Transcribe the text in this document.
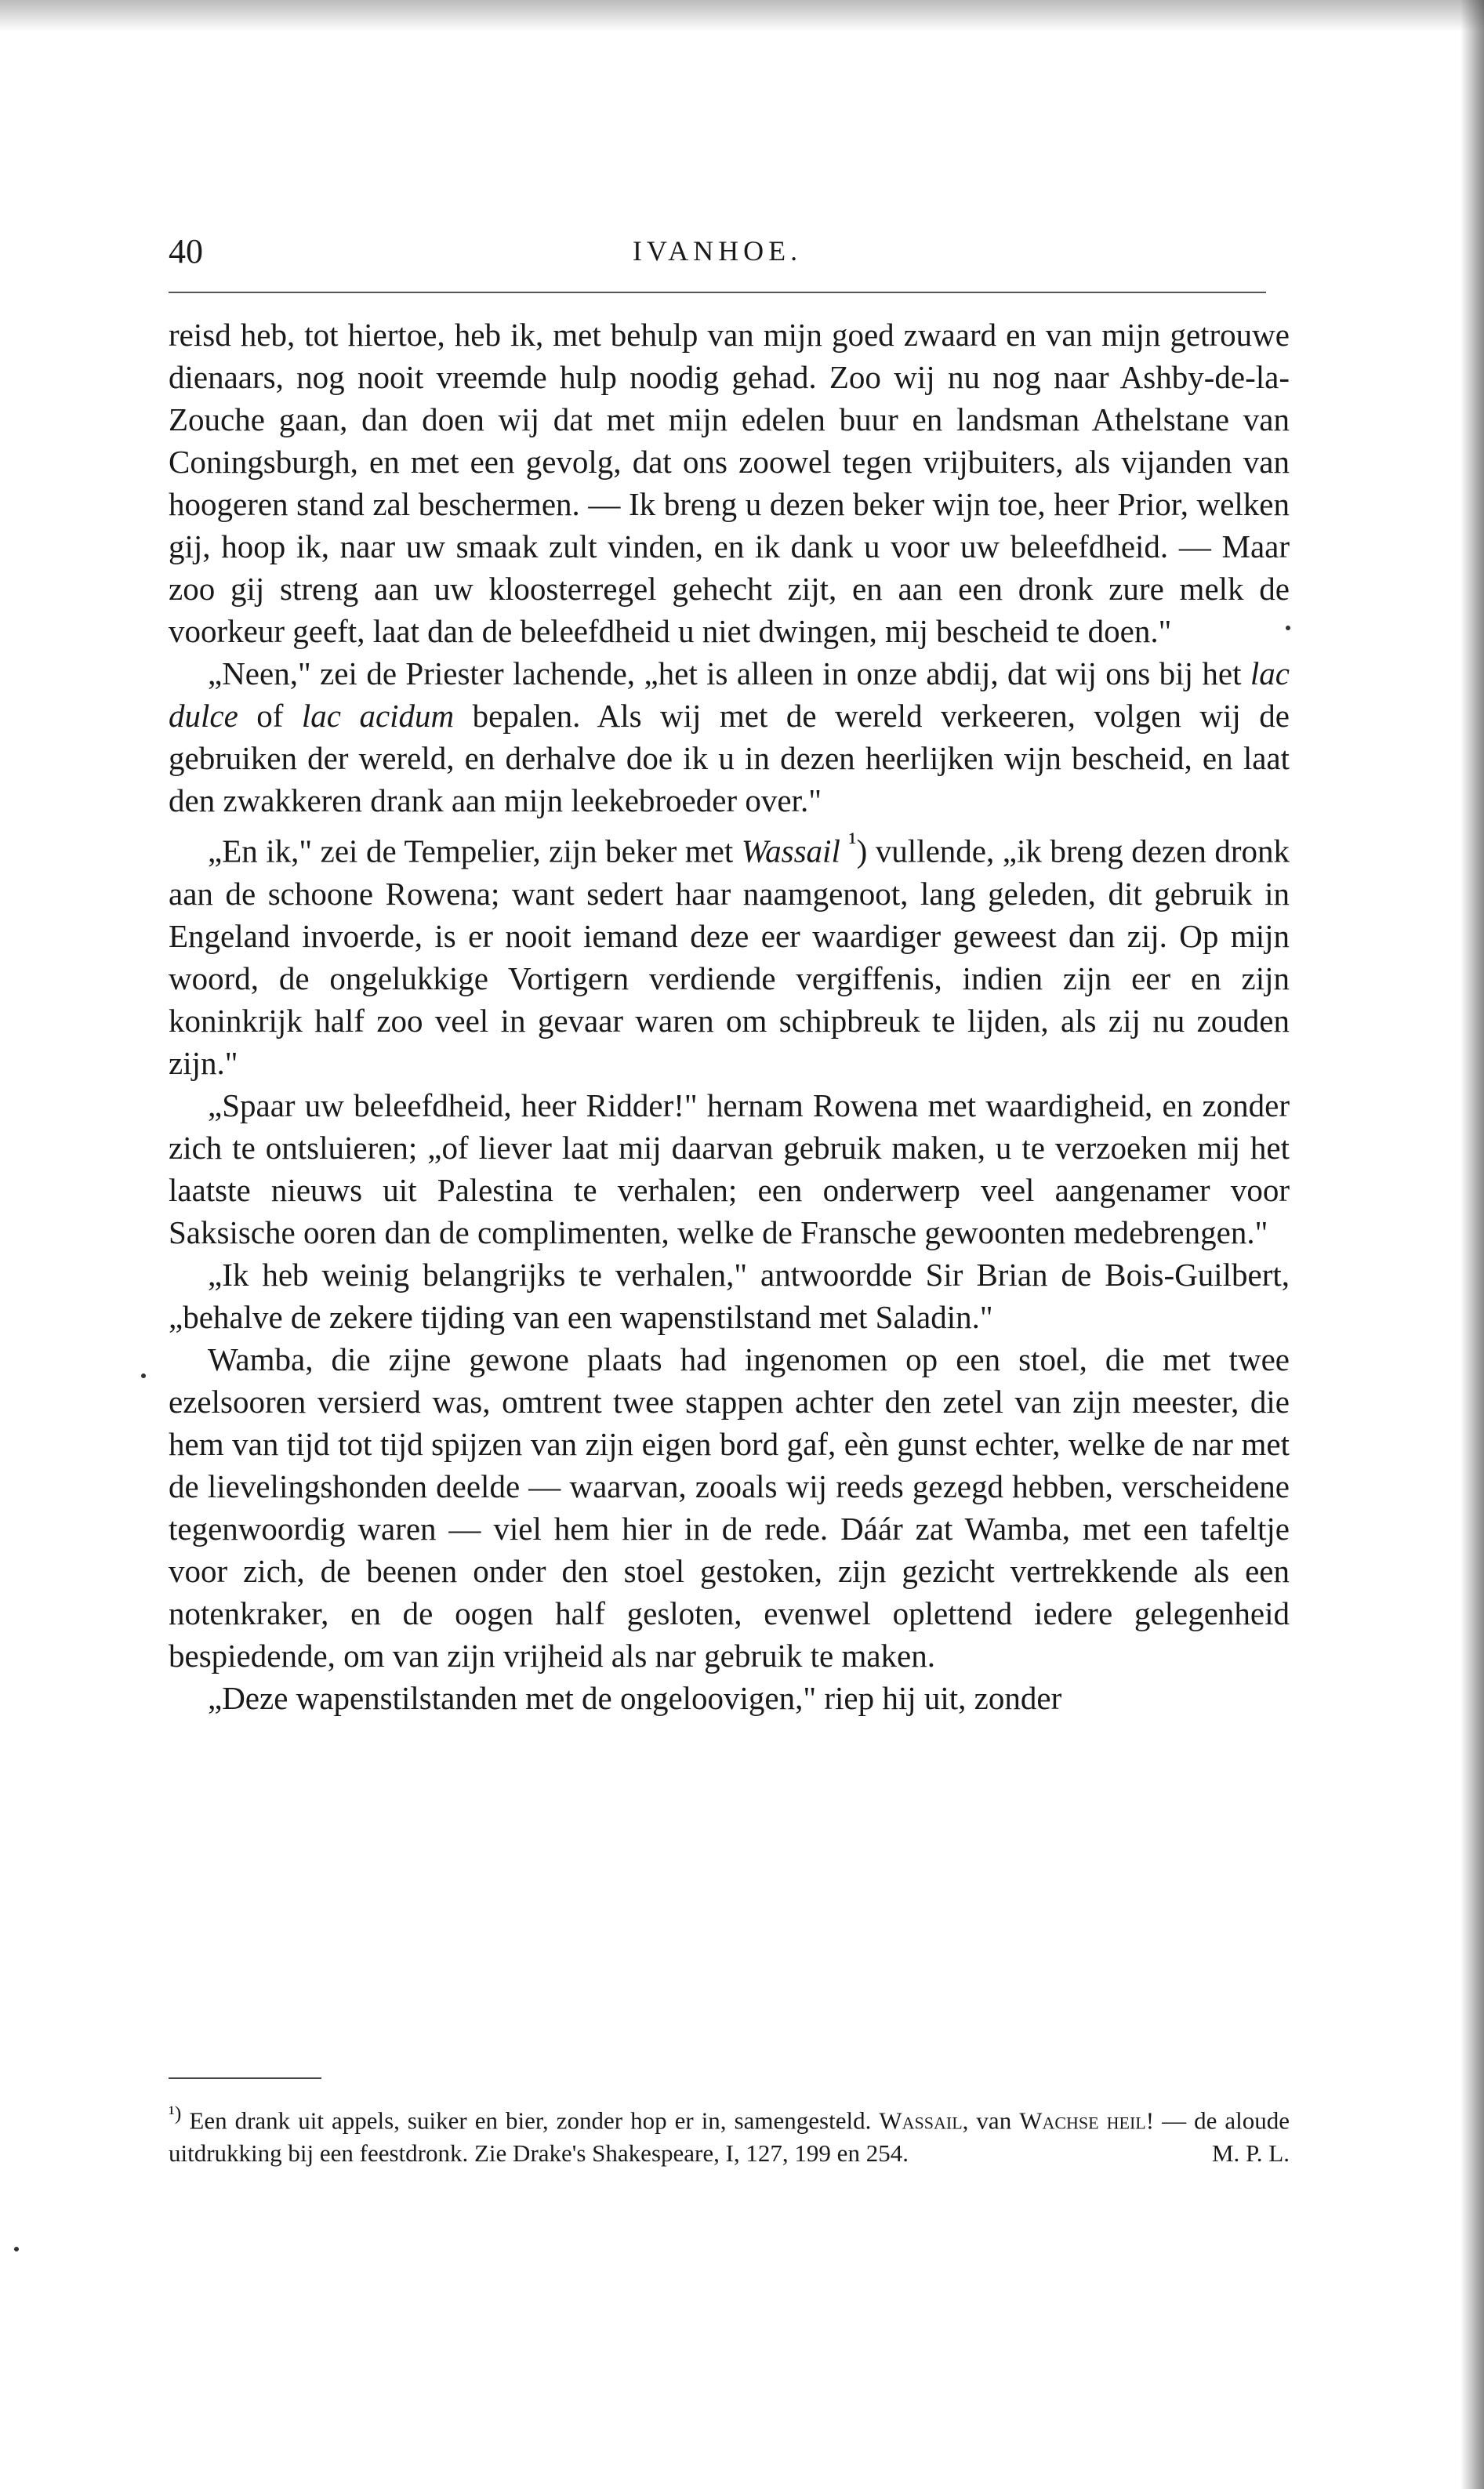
40	IVANHOE.

reisd heb, tot hiertoe, heb ik, met behulp van mijn goed zwaard en van mijn getrouwe dienaars, nog nooit vreemde hulp noodig gehad. Zoo wij nu nog naar Ashby-de-la-Zouche gaan, dan doen wij dat met mijn edelen buur en landsman Athelstane van Coningsburgh, en met een gevolg, dat ons zoowel tegen vrijbuiters, als vijanden van hoogeren stand zal beschermen. — Ik breng u dezen beker wijn toe, heer Prior, welken gij, hoop ik, naar uw smaak zult vinden, en ik dank u voor uw beleefdheid. — Maar zoo gij streng aan uw kloosterregel gehecht zijt, en aan een dronk zure melk de voorkeur geeft, laat dan de beleefdheid u niet dwingen, mij bescheid te doen."

„Neen," zei de Priester lachende, „het is alleen in onze abdij, dat wij ons bij het lac dulce of lac acidum bepalen. Als wij met de wereld verkeeren, volgen wij de gebruiken der wereld, en derhalve doe ik u in dezen heerlijken wijn bescheid, en laat den zwakkeren drank aan mijn leekebroeder over."

„En ik," zei de Tempelier, zijn beker met Wassail $^{^1}$) vullende, „ik breng dezen dronk aan de schoone Rowena; want sedert haar naamgenoot, lang geleden, dit gebruik in Engeland invoerde, is er nooit iemand deze eer waardiger geweest dan zij. Op mijn woord, de ongelukkige Vortigern verdiende vergiffenis, indien zijn eer en zijn koninkrijk half zoo veel in gevaar waren om schipbreuk te lijden, als zij nu zouden zijn."

„Spaar uw beleefdheid, heer Ridder!" hernam Rowena met waardigheid, en zonder zich te ontsluieren; „of liever laat mij daarvan gebruik maken, u te verzoeken mij het laatste nieuws uit Palestina te verhalen; een onderwerp veel aangenamer voor Saksische ooren dan de complimenten, welke de Fransche gewoonten medebrengen."

„Ik heb weinig belangrijks te verhalen," antwoordde Sir Brian de Bois-Guilbert, „behalve de zekere tijding van een wapenstilstand met Saladin."

Wamba, die zijne gewone plaats had ingenomen op een stoel, die met twee ezelsooren versierd was, omtrent twee stappen achter den zetel van zijn meester, die hem van tijd tot tijd spijzen van zijn eigen bord gaf, eèn gunst echter, welke de nar met de lievelingshonden deelde — waarvan, zooals wij reeds gezegd hebben, verscheidene tegenwoordig waren — viel hem hier in de rede. Dáár zat Wamba, met een tafeltje voor zich, de beenen onder den stoel gestoken, zijn gezicht vertrekkende als een notenkraker, en de oogen half gesloten, evenwel oplettend iedere gelegenheid bespiedende, om van zijn vrijheid als nar gebruik te maken.

„Deze wapenstilstanden met de ongeloovigen," riep hij uit, zonder

$^{^1)}$ Een drank uit appels, suiker en bier, zonder hop er in, samengesteld. Wassail, van Wachse heil! — de aloude uitdrukking bij een feestdronk. Zie Drake's Shakespeare, I, 127, 199 en 254.	M. P. L.
